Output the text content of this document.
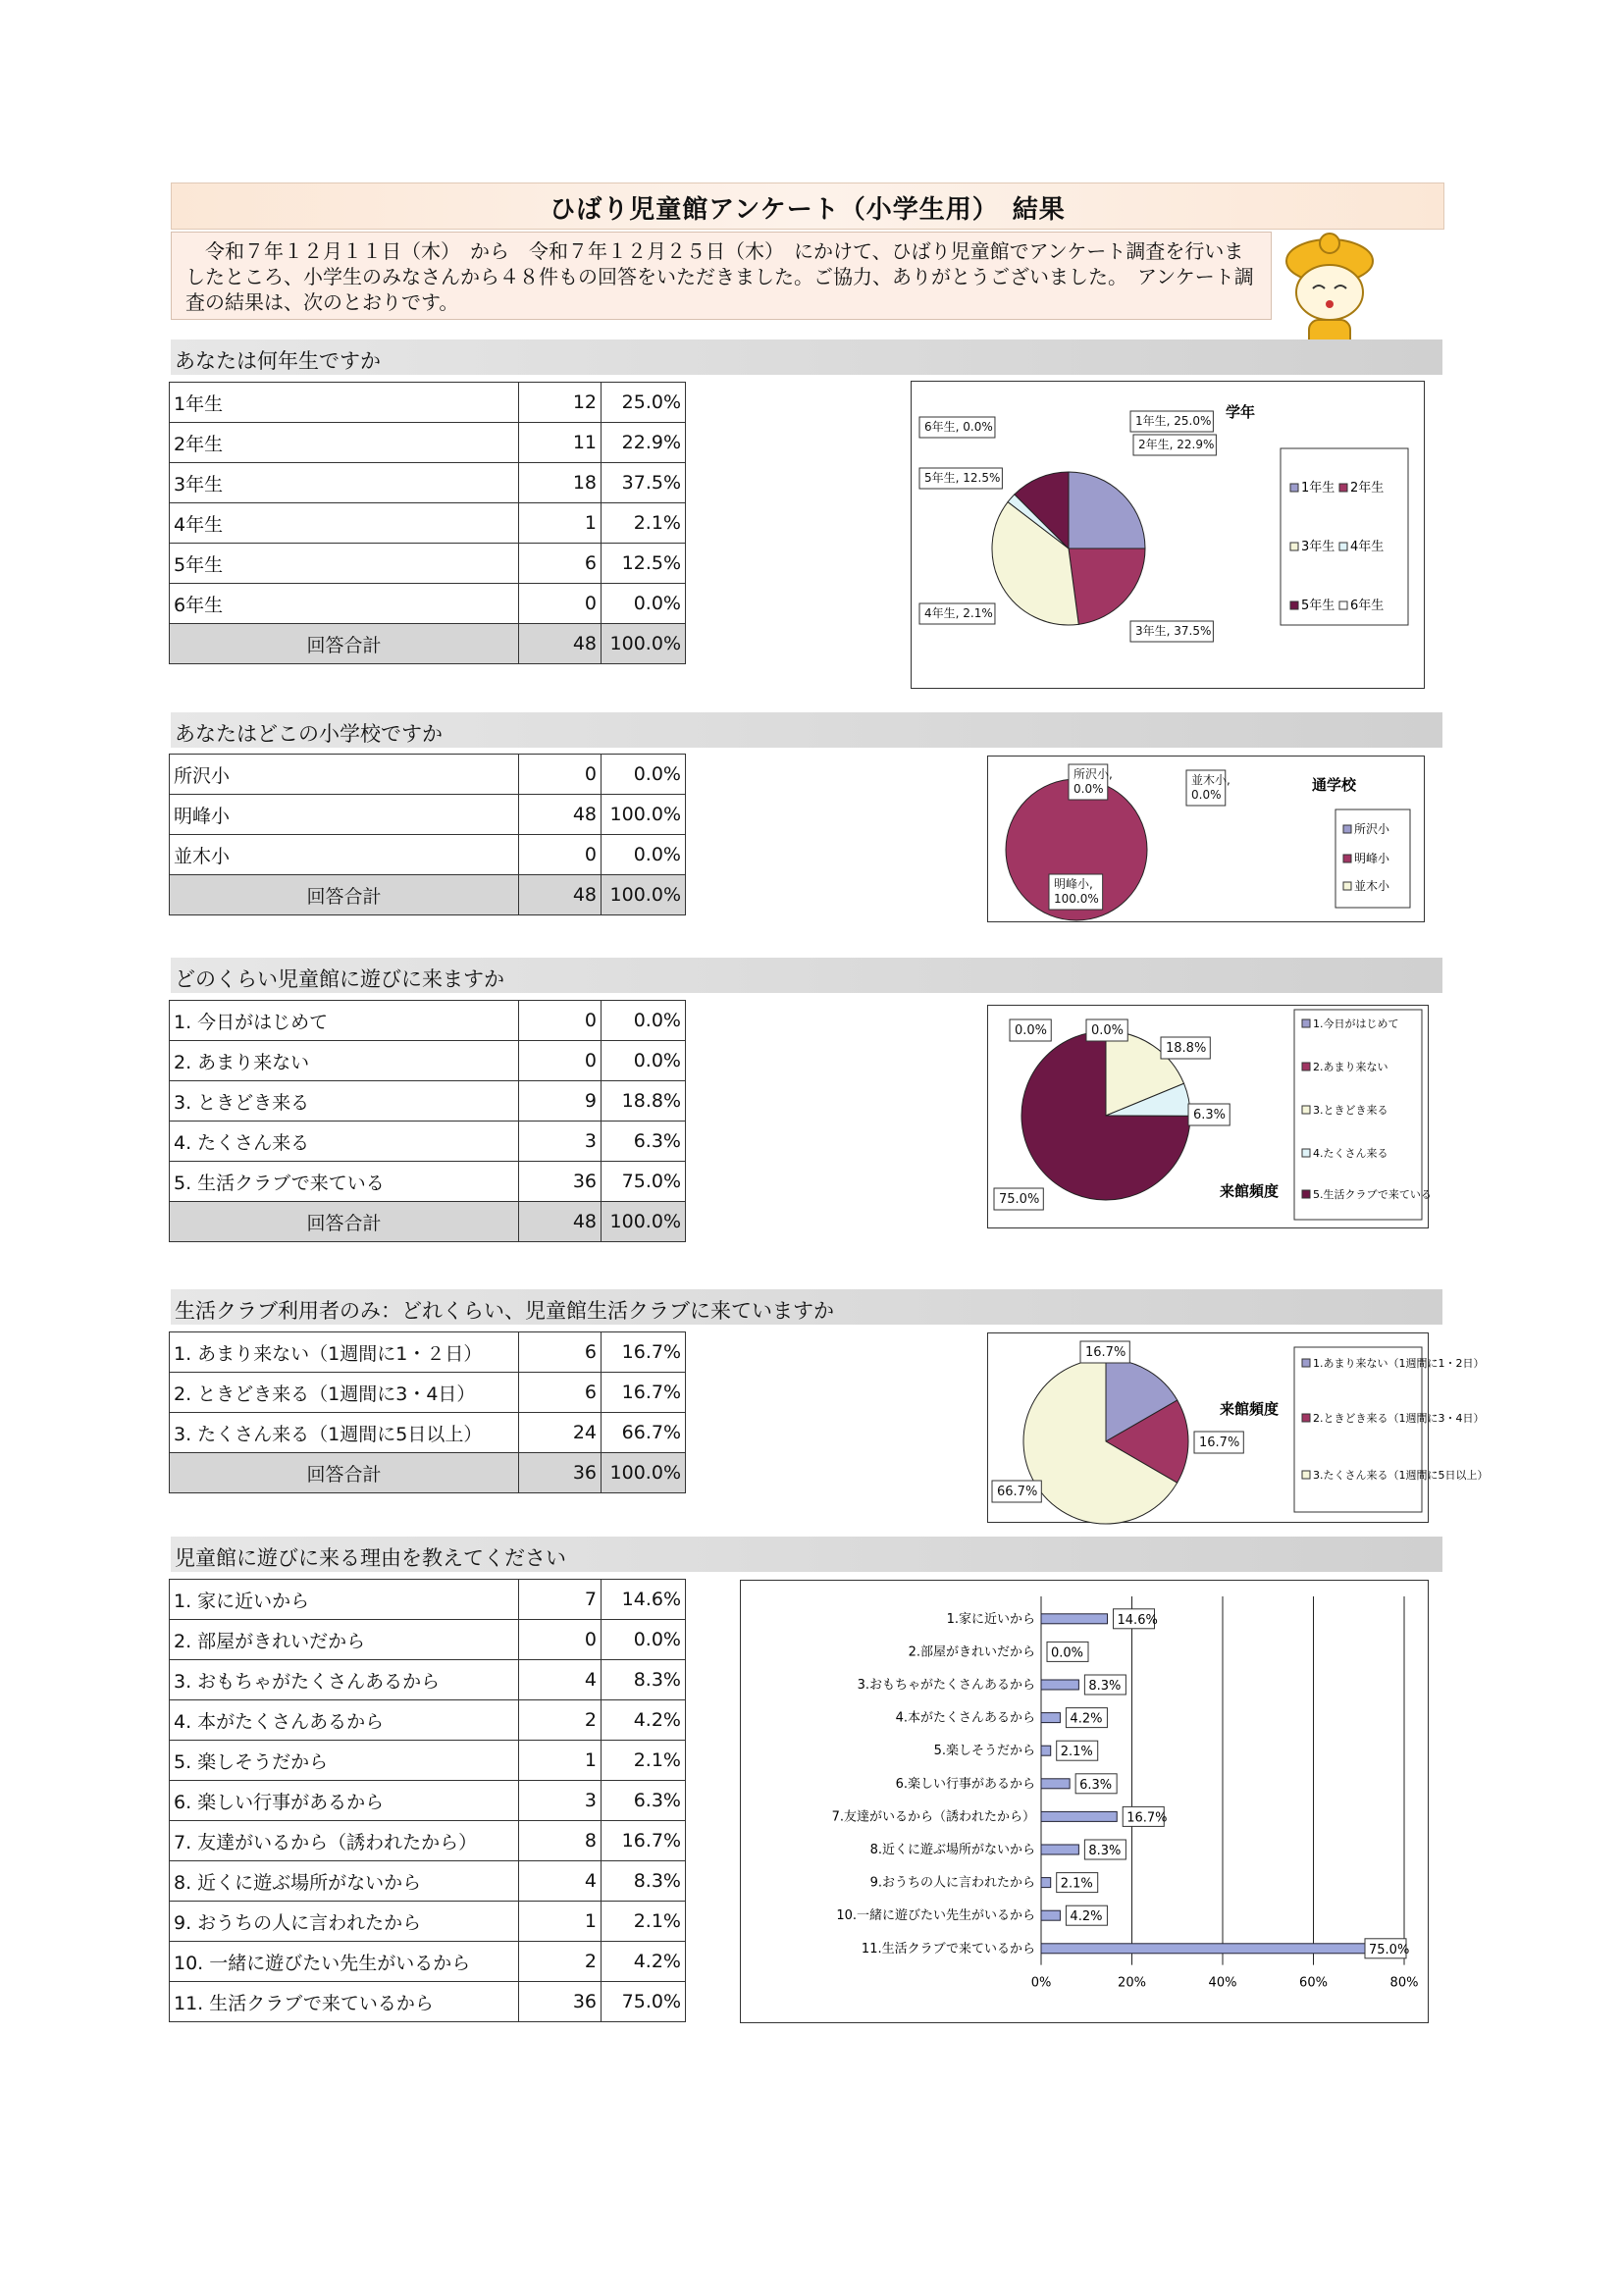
ひばり児童館アンケート（小学生用）　結果

　令和７年１２月１１日（木）　から　令和７年１２月２５日（木）　にかけて、ひばり児童館でアンケート調査を行いましたところ、小学生のみなさんから４８件もの回答をいただきました。ご協力、ありがとうございました。　アンケート調査の結果は、次のとおりです。

あなたは何年生ですか
1年生	12	25.0%
2年生	11	22.9%
3年生	18	37.5%
4年生	1	2.1%
5年生	6	12.5%
6年生	0	0.0%
回答合計	48	100.0%
1年生, 25.0%
2年生, 22.9%
3年生, 37.5%
4年生, 2.1%
5年生, 12.5%
6年生, 0.0%
学年
1年生 2年生
3年生 4年生
5年生 6年生
あなたはどこの小学校ですか
所沢小	0	0.0%
明峰小	48	100.0%
並木小	0	0.0%
回答合計	48	100.0%
所沢小,
0.0%
明峰小,
100.0%
並木小,
0.0%
通学校
所沢小
明峰小
並木小
どのくらい児童館に遊びに来ますか
1. 今日がはじめて	0	0.0%
2. あまり来ない	0	0.0%
3. ときどき来る	9	18.8%
4. たくさん来る	3	6.3%
5. 生活クラブで来ている	36	75.0%
回答合計	48	100.0%
0.0%	0.0%
18.8%
6.3%
75.0%	来館頻度
1.今日がはじめて
2.あまり来ない
3.ときどき来る
4.たくさん来る
5.生活クラブで来ている
生活クラブ利用者のみ：どれくらい、児童館生活クラブに来ていますか
1. あまり来ない（1週間に1・２日）	6	16.7%
2. ときどき来る（1週間に3・4日）	6	16.7%
3. たくさん来る（1週間に5日以上）	24	66.7%
回答合計	36	100.0%
16.7%
16.7%
66.7%
来館頻度
1.あまり来ない（1週間に1・2日）
2.ときどき来る（1週間に3・4日）
3.たくさん来る（1週間に5日以上）
児童館に遊びに来る理由を教えてください
1. 家に近いから	7	14.6%
2. 部屋がきれいだから	0	0.0%
3. おもちゃがたくさんあるから	4	8.3%
4. 本がたくさんあるから	2	4.2%
5. 楽しそうだから	1	2.1%
6. 楽しい行事があるから	3	6.3%
7. 友達がいるから（誘われたから）	8	16.7%
8. 近くに遊ぶ場所がないから	4	8.3%
9. おうちの人に言われたから	1	2.1%
10. 一緒に遊びたい先生がいるから	2	4.2%
11. 生活クラブで来ているから	36	75.0%
0%	20%	40%	60%	80%
1.家に近いから	14.6%
2.部屋がきれいだから 0.0%
3.おもちゃがたくさんあるから	8.3%
4.本がたくさんあるから	4.2%
5.楽しそうだから 2.1%
6.楽しい行事があるから	6.3%
7.友達がいるから（誘われたから）	16.7%
8.近くに遊ぶ場所がないから	8.3%
9.おうちの人に言われたから 2.1%
10.一緒に遊びたい先生がいるから	4.2%
11.生活クラブで来ているから	75.0%
